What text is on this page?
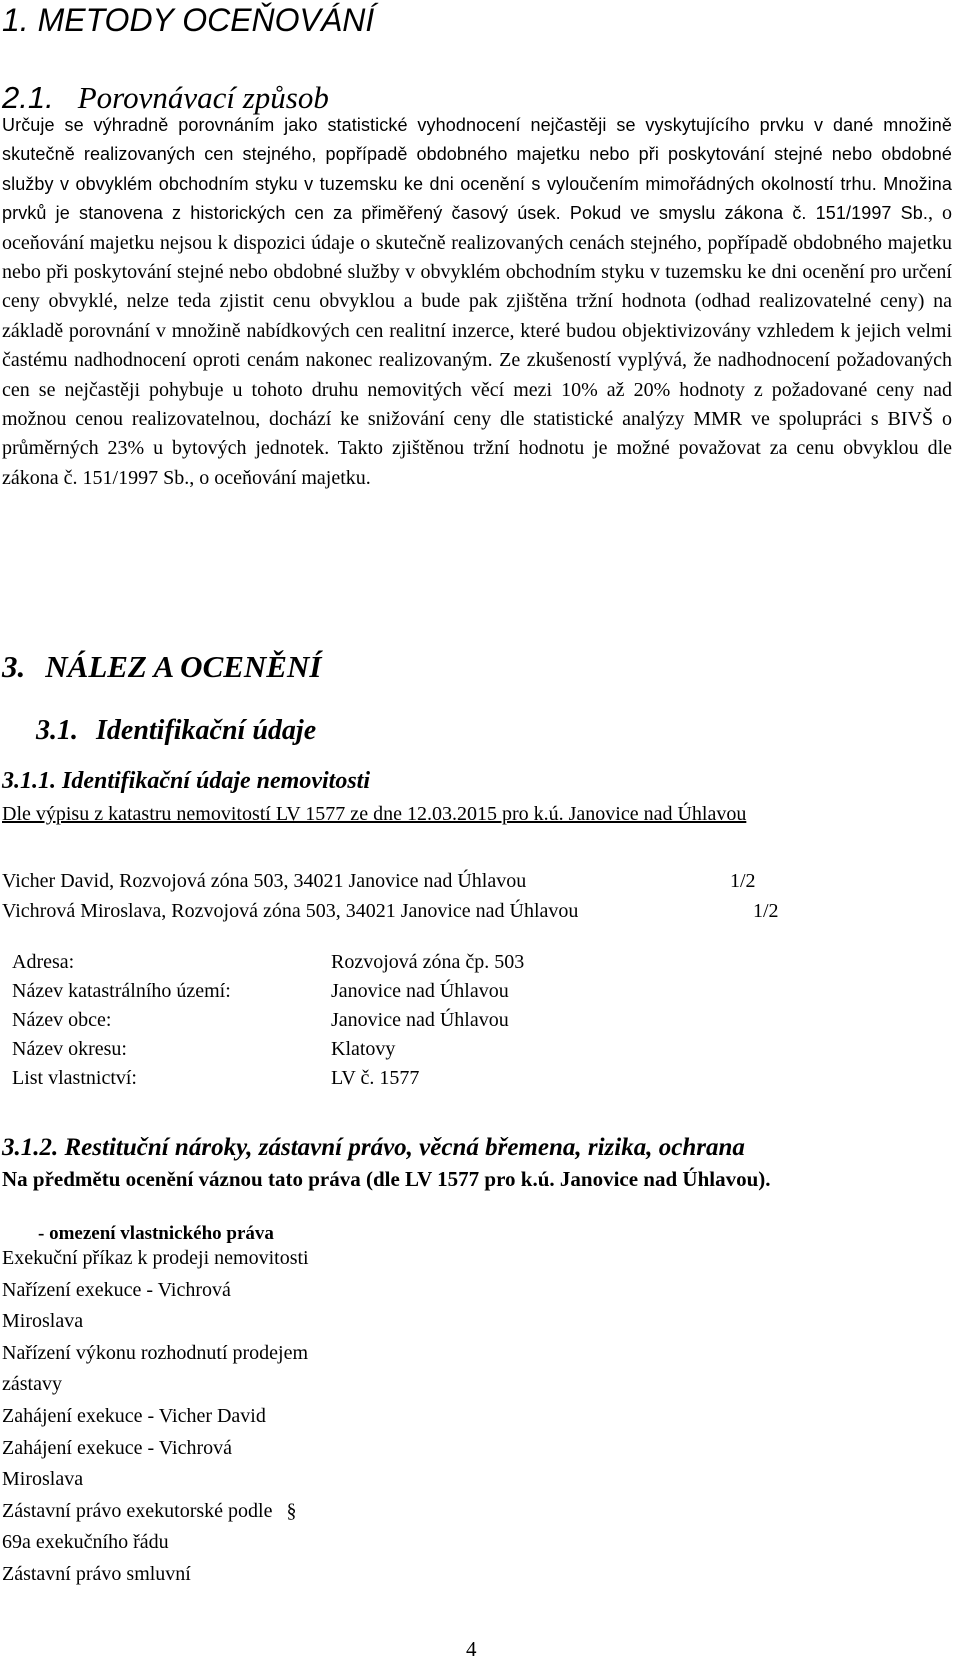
1. METODY OCEŇOVÁNÍ
2.1. Porovnávací způsob

Určuje se výhradně porovnáním jako statistické vyhodnocení nejčastěji se vyskytujícího prvku v dané množině skutečně realizovaných cen stejného, popřípadě obdobného majetku nebo při poskytování stejné nebo obdobné služby v obvyklém obchodním styku v tuzemsku ke dni ocenění s vyloučením mimořádných okolností trhu. Množina prvků je stanovena z historických cen za přiměřený časový úsek. Pokud ve smyslu zákona č. 151/1997 Sb., o oceňování majetku nejsou k dispozici údaje o skutečně realizovaných cenách stejného, popřípadě obdobného majetku nebo při poskytování stejné nebo obdobné služby v obvyklém obchodním styku v tuzemsku ke dni ocenění pro určení ceny obvyklé, nelze teda zjistit cenu obvyklou a bude pak zjištěna tržní hodnota (odhad realizovatelné ceny) na základě porovnání v množině nabídkových cen realitní inzerce, které budou objektivizovány vzhledem k jejich velmi častému nadhodnocení oproti cenám nakonec realizovaným. Ze zkušeností vyplývá, že nadhodnocení požadovaných cen se nejčastěji pohybuje u tohoto druhu nemovitých věcí mezi 10% až 20% hodnoty z požadované ceny nad možnou cenou realizovatelnou, dochází ke snižování ceny dle statistické analýzy MMR ve spolupráci s BIVŠ o průměrných 23% u bytových jednotek. Takto zjištěnou tržní hodnotu je možné považovat za cenu obvyklou dle zákona č. 151/1997 Sb., o oceňování majetku.

3. NÁLEZ A OCENĚNÍ
3.1. Identifikační údaje
3.1.1. Identifikační údaje nemovitosti

Dle výpisu z katastru nemovitostí LV 1577 ze dne 12.03.2015 pro k.ú. Janovice nad Úhlavou

Vicher David, Rozvojová zóna 503, 34021 Janovice nad Úhlavou	1/2
Vichrová Miroslava, Rozvojová zóna 503, 34021 Janovice nad Úhlavou	1/2
Adresa:	Rozvojová zóna čp. 503
Název katastrálního území:	Janovice nad Úhlavou
Název obce:	Janovice nad Úhlavou
Název okresu:	Klatovy
List vlastnictví:	LV č. 1577
3.1.2. Restituční nároky, zástavní právo, věcná břemena, rizika, ochrana

Na předmětu ocenění váznou tato práva (dle LV 1577 pro k.ú. Janovice nad Úhlavou).

- omezení vlastnického práva
Exekuční příkaz k prodeji nemovitosti
Nařízení exekuce - Vichrová
Miroslava
Nařízení výkonu rozhodnutí prodejem
zástavy
Zahájení exekuce - Vicher David
Zahájení exekuce - Vichrová
Miroslava
Zástavní právo exekutorské podle §
69a exekučního řádu
Zástavní právo smluvní
4
